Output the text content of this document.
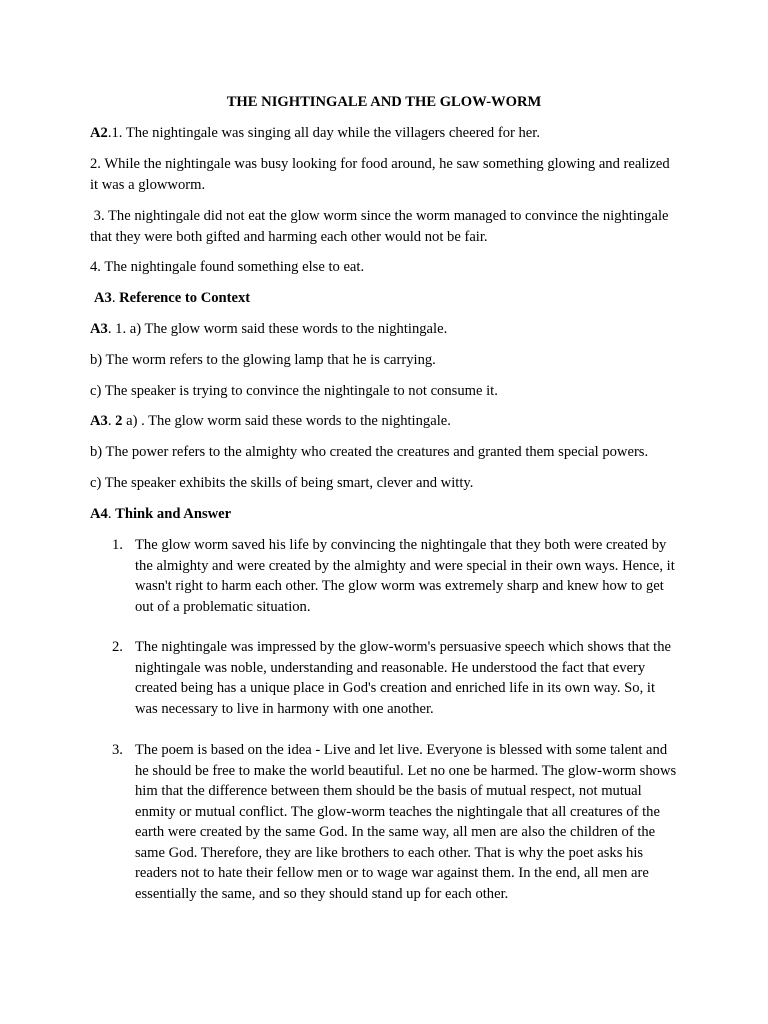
THE NIGHTINGALE AND THE GLOW-WORM

A2.1. The nightingale was singing all day while the villagers cheered for her.

2. While the nightingale was busy looking for food around, he saw something glowing and realized it was a glowworm.

3. The nightingale did not eat the glow worm since the worm managed to convince the nightingale that they were both gifted and harming each other would not be fair.

4. The nightingale found something else to eat.

A3. Reference to Context

A3. 1. a) The glow worm said these words to the nightingale.

b) The worm refers to the glowing lamp that he is carrying.

c) The speaker is trying to convince the nightingale to not consume it.

A3. 2 a) . The glow worm said these words to the nightingale.

b) The power refers to the almighty who created the creatures and granted them special powers.

c) The speaker exhibits the skills of being smart, clever and witty.

A4. Think and Answer

1. The glow worm saved his life by convincing the nightingale that they both were created by the almighty and were created by the almighty and were special in their own ways. Hence, it wasn't right to harm each other. The glow worm was extremely sharp and knew how to get out of a problematic situation.
2. The nightingale was impressed by the glow-worm's persuasive speech which shows that the nightingale was noble, understanding and reasonable. He understood the fact that every created being has a unique place in God's creation and enriched life in its own way. So, it was necessary to live in harmony with one another.
3. The poem is based on the idea - Live and let live. Everyone is blessed with some talent and he should be free to make the world beautiful. Let no one be harmed. The glow-worm shows him that the difference between them should be the basis of mutual respect, not mutual enmity or mutual conflict. The glow-worm teaches the nightingale that all creatures of the earth were created by the same God. In the same way, all men are also the children of the same God. Therefore, they are like brothers to each other. That is why the poet asks his readers not to hate their fellow men or to wage war against them. In the end, all men are essentially the same, and so they should stand up for each other.
